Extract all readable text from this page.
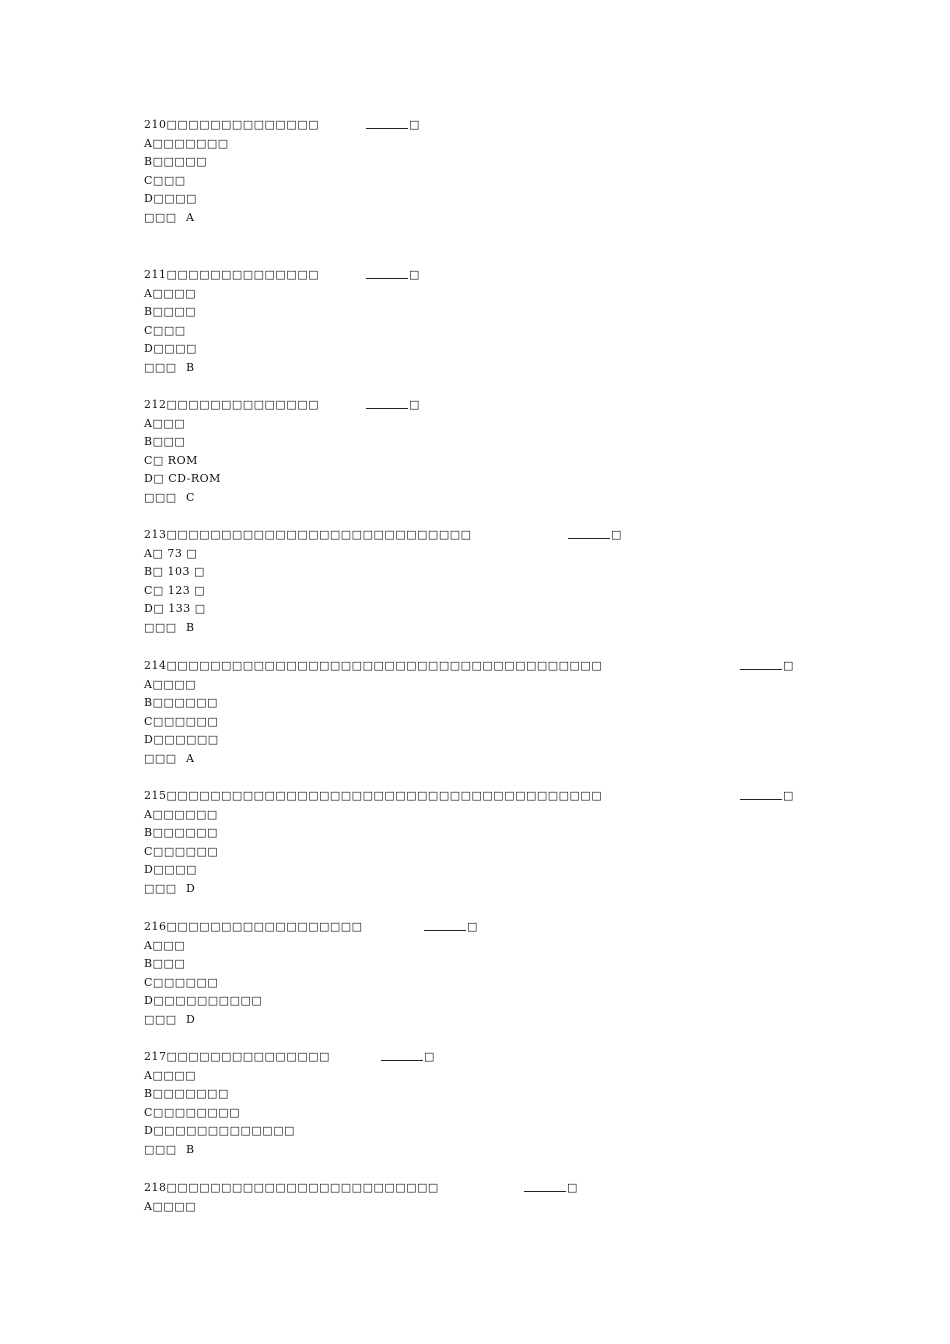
210□□□□□□□□□□□□□□	□
A□□□□□□□
B□□□□□
C□□□
D□□□□
□□□ A
211□□□□□□□□□□□□□□	□
A□□□□
B□□□□
C□□□
D□□□□
□□□ B
212□□□□□□□□□□□□□□	□
A□□□
B□□□
C□ ROM
D□ CD-ROM
□□□ C
213□□□□□□□□□□□□□□□□□□□□□□□□□□□□	□
A□ 73 □
B□ 103 □
C□ 123 □
D□ 133 □
□□□ B
214□□□□□□□□□□□□□□□□□□□□□□□□□□□□□□□□□□□□□□□□	□
A□□□□
B□□□□□□
C□□□□□□
D□□□□□□
□□□ A
215□□□□□□□□□□□□□□□□□□□□□□□□□□□□□□□□□□□□□□□□	□
A□□□□□□
B□□□□□□
C□□□□□□
D□□□□
□□□ D
216□□□□□□□□□□□□□□□□□□	□
A□□□
B□□□
C□□□□□□
D□□□□□□□□□□
□□□ D
217□□□□□□□□□□□□□□□	□
A□□□□
B□□□□□□□
C□□□□□□□□
D□□□□□□□□□□□□□
□□□ B
218□□□□□□□□□□□□□□□□□□□□□□□□□	□
A□□□□
